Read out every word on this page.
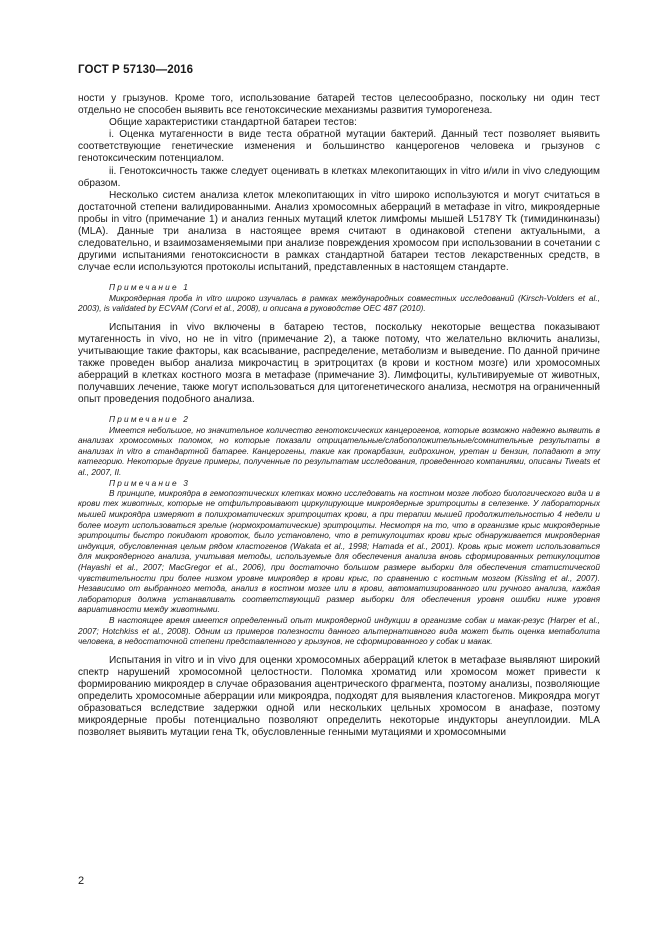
ГОСТ Р 57130—2016

ности у грызунов. Кроме того, использование батарей тестов целесообразно, поскольку ни один тест отдельно не способен выявить все генотоксические механизмы развития туморогенеза.

Общие характеристики стандартной батареи тестов:

i. Оценка мутагенности в виде теста обратной мутации бактерий. Данный тест позволяет выявить соответствующие генетические изменения и большинство канцерогенов человека и грызунов с генотоксическим потенциалом.

ii. Генотоксичность также следует оценивать в клетках млекопитающих in vitro и/или in vivo следующим образом.

Несколько систем анализа клеток млекопитающих in vitro широко используются и могут считаться в достаточной степени валидированными. Анализ хромосомных аберраций в метафазе in vitro, микроядерные пробы in vitro (примечание 1) и анализ генных мутаций клеток лимфомы мышей L5178Y Tk (тимидинкиназы) (MLA). Данные три анализа в настоящее время считают в одинаковой степени актуальными, а следовательно, и взаимозаменяемыми при анализе повреждения хромосом при использовании в сочетании с другими испытаниями генотоксисности в рамках стандартной батареи тестов лекарственных средств, в случае если используются протоколы испытаний, представленных в настоящем стандарте.

Примечание 1

Микроядерная проба in vitro широко изучалась в рамках международных совместных исследований (Kirsch-Volders et al., 2003), is validated by ECVAM (Corvi et al., 2008), и описана в руководстве OEC 487 (2010).

Испытания in vivo включены в батарею тестов, поскольку некоторые вещества показывают мутагенность in vivo, но не in vitro (примечание 2), а также потому, что желательно включить анализы, учитывающие такие факторы, как всасывание, распределение, метаболизм и выведение. По данной причине также проведен выбор анализа микрочастиц в эритроцитах (в крови и костном мозге) или хромосомных аберраций в клетках костного мозга в метафазе (примечание 3). Лимфоциты, культивируемые от животных, получавших лечение, также могут использоваться для цитогенетического анализа, несмотря на ограниченный опыт проведения подобного анализа.

Примечание 2

Имеется небольшое, но значительное количество генотоксических канцерогенов, которые возможно надежно выявить в анализах хромосомных поломок, но которые показали отрицательные/слабоположительные/сомнительные результаты в анализах in vitro в стандартной батарее. Канцерогены, такие как прокарбазин, гидрохинон, уретан и бензин, попадают в эту категорию. Некоторые другие примеры, полученные по результатам исследования, проведенного компаниями, описаны Tweats et al., 2007, II.

Примечание 3

В принципе, микроядра в гемопоэтических клетках можно исследовать на костном мозге любого биологического вида и в крови тех животных, которые не отфильтровывают циркулирующие микроядерные эритроциты в селезенке. У лабораторных мышей микроядра измеряют в полихроматических эритроцитах крови, а при терапии мышей продолжительностью 4 недели и более могут использоваться зрелые (нормохроматические) эритроциты. Несмотря на то, что в организме крыс микроядерные эритроциты быстро покидают кровоток, было установлено, что в ретикулоцитах крови крыс обнаруживается микроядерная индукция, обусловленная целым рядом кластогенов (Wakata et al., 1998; Hamada et al., 2001). Кровь крыс может использоваться для микроядерного анализа, учитывая методы, используемые для обеспечения анализа вновь сформированных ретикулоцитов (Hayashi et al., 2007; MacGregor et al., 2006), при достаточно большом размере выборки для обеспечения статистической чувствительности при более низком уровне микроядер в крови крыс, по сравнению с костным мозгом (Kissling et al., 2007). Независимо от выбранного метода, анализ в костном мозге или в крови, автоматизированного или ручного анализа, каждая лаборатория должна устанавливать соответствующий размер выборки для обеспечения уровня ошибки ниже уровня вариативности между животными.

В настоящее время имеется определенный опыт микроядерной индукции в организме собак и макак-резус (Harper et al., 2007; Hotchkiss et al., 2008). Одним из примеров полезности данного альтернативного вида может быть оценка метаболита человека, в недостаточной степени представленного у грызунов, не сформированного у собак и макак.

Испытания in vitro и in vivo для оценки хромосомных аберраций клеток в метафазе выявляют широкий спектр нарушений хромосомной целостности. Поломка хроматид или хромосом может привести к формированию микроядер в случае образования ацентрического фрагмента, поэтому анализы, позволяющие определить хромосомные аберрации или микроядра, подходят для выявления кластогенов. Микроядра могут образоваться вследствие задержки одной или нескольких цельных хромосом в анафазе, поэтому микроядерные пробы потенциально позволяют определить некоторые индукторы анеуплоидии. MLA позволяет выявить мутации гена Tk, обусловленные генными мутациями и хромосомными

2
